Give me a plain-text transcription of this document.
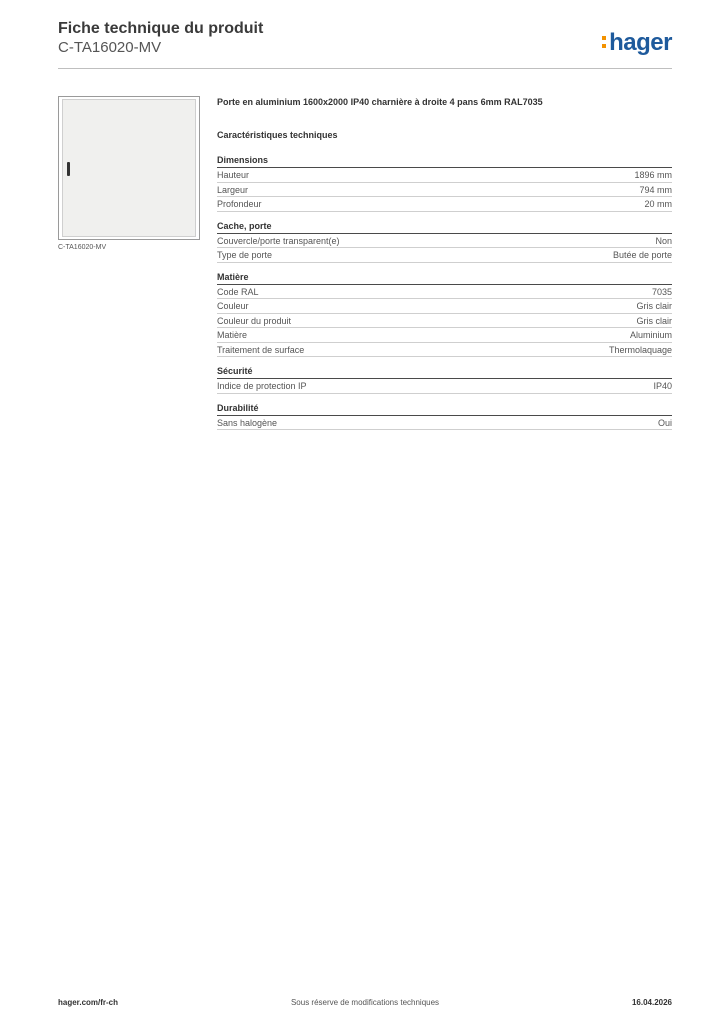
Fiche technique du produit
C-TA16020-MV	hager
C-TA16020-MV
Porte en aluminium 1600x2000 IP40 charnière à droite 4 pans 6mm RAL7035
Caractéristiques techniques
Dimensions
Hauteur	1896 mm
Largeur	794 mm
Profondeur	20 mm
Cache, porte
Couvercle/porte transparent(e)	Non
Type de porte	Butée de porte
Matière
Code RAL	7035
Couleur	Gris clair
Couleur du produit	Gris clair
Matière	Aluminium
Traitement de surface	Thermolaquage
Sécurité
Indice de protection IP	IP40
Durabilité
Sans halogène	Oui
Sous réserve de modifications techniques
hager.com/fr-ch	16.04.2026
